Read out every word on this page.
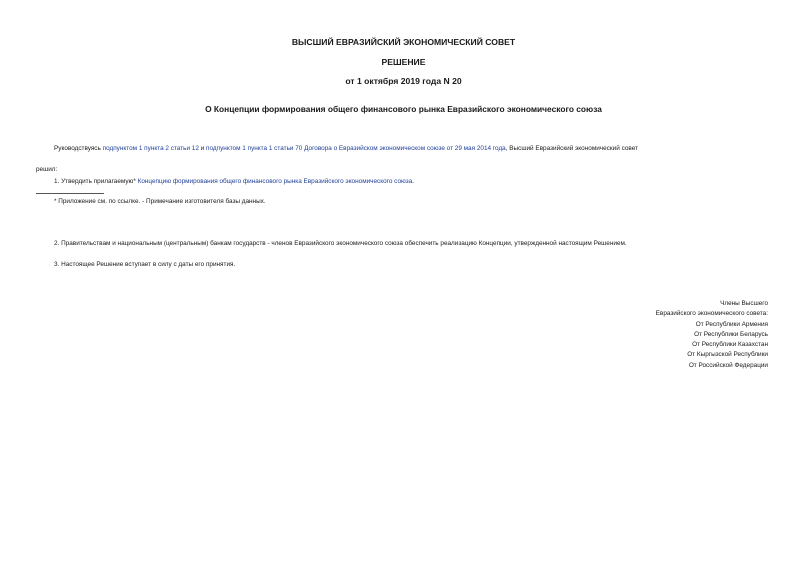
ВЫСШИЙ ЕВРАЗИЙСКИЙ ЭКОНОМИЧЕСКИЙ СОВЕТ
РЕШЕНИЕ
от 1 октября 2019 года N 20
О Концепции формирования общего финансового рынка Евразийского экономического союза
Руководствуясь подпунктом 1 пункта 2 статьи 12 и подпунктом 1 пункта 1 статьи 70 Договора о Евразийском экономическом союзе от 29 мая 2014 года, Высший Евразийский экономический совет
решил:
1. Утвердить прилагаемую* Концепцию формирования общего финансового рынка Евразийского экономического союза.
* Приложение см. по ссылке. - Примечание изготовителя базы данных.
2. Правительствам и национальным (центральным) банкам государств - членов Евразийского экономического союза обеспечить реализацию Концепции, утвержденной настоящим Решением.
3. Настоящее Решение вступает в силу с даты его принятия.
Члены Высшего
Евразийского экономического совета:
От Республики Армения
От Республики Беларусь
От Республики Казахстан
От Кыргызской Республики
От Российской Федерации
